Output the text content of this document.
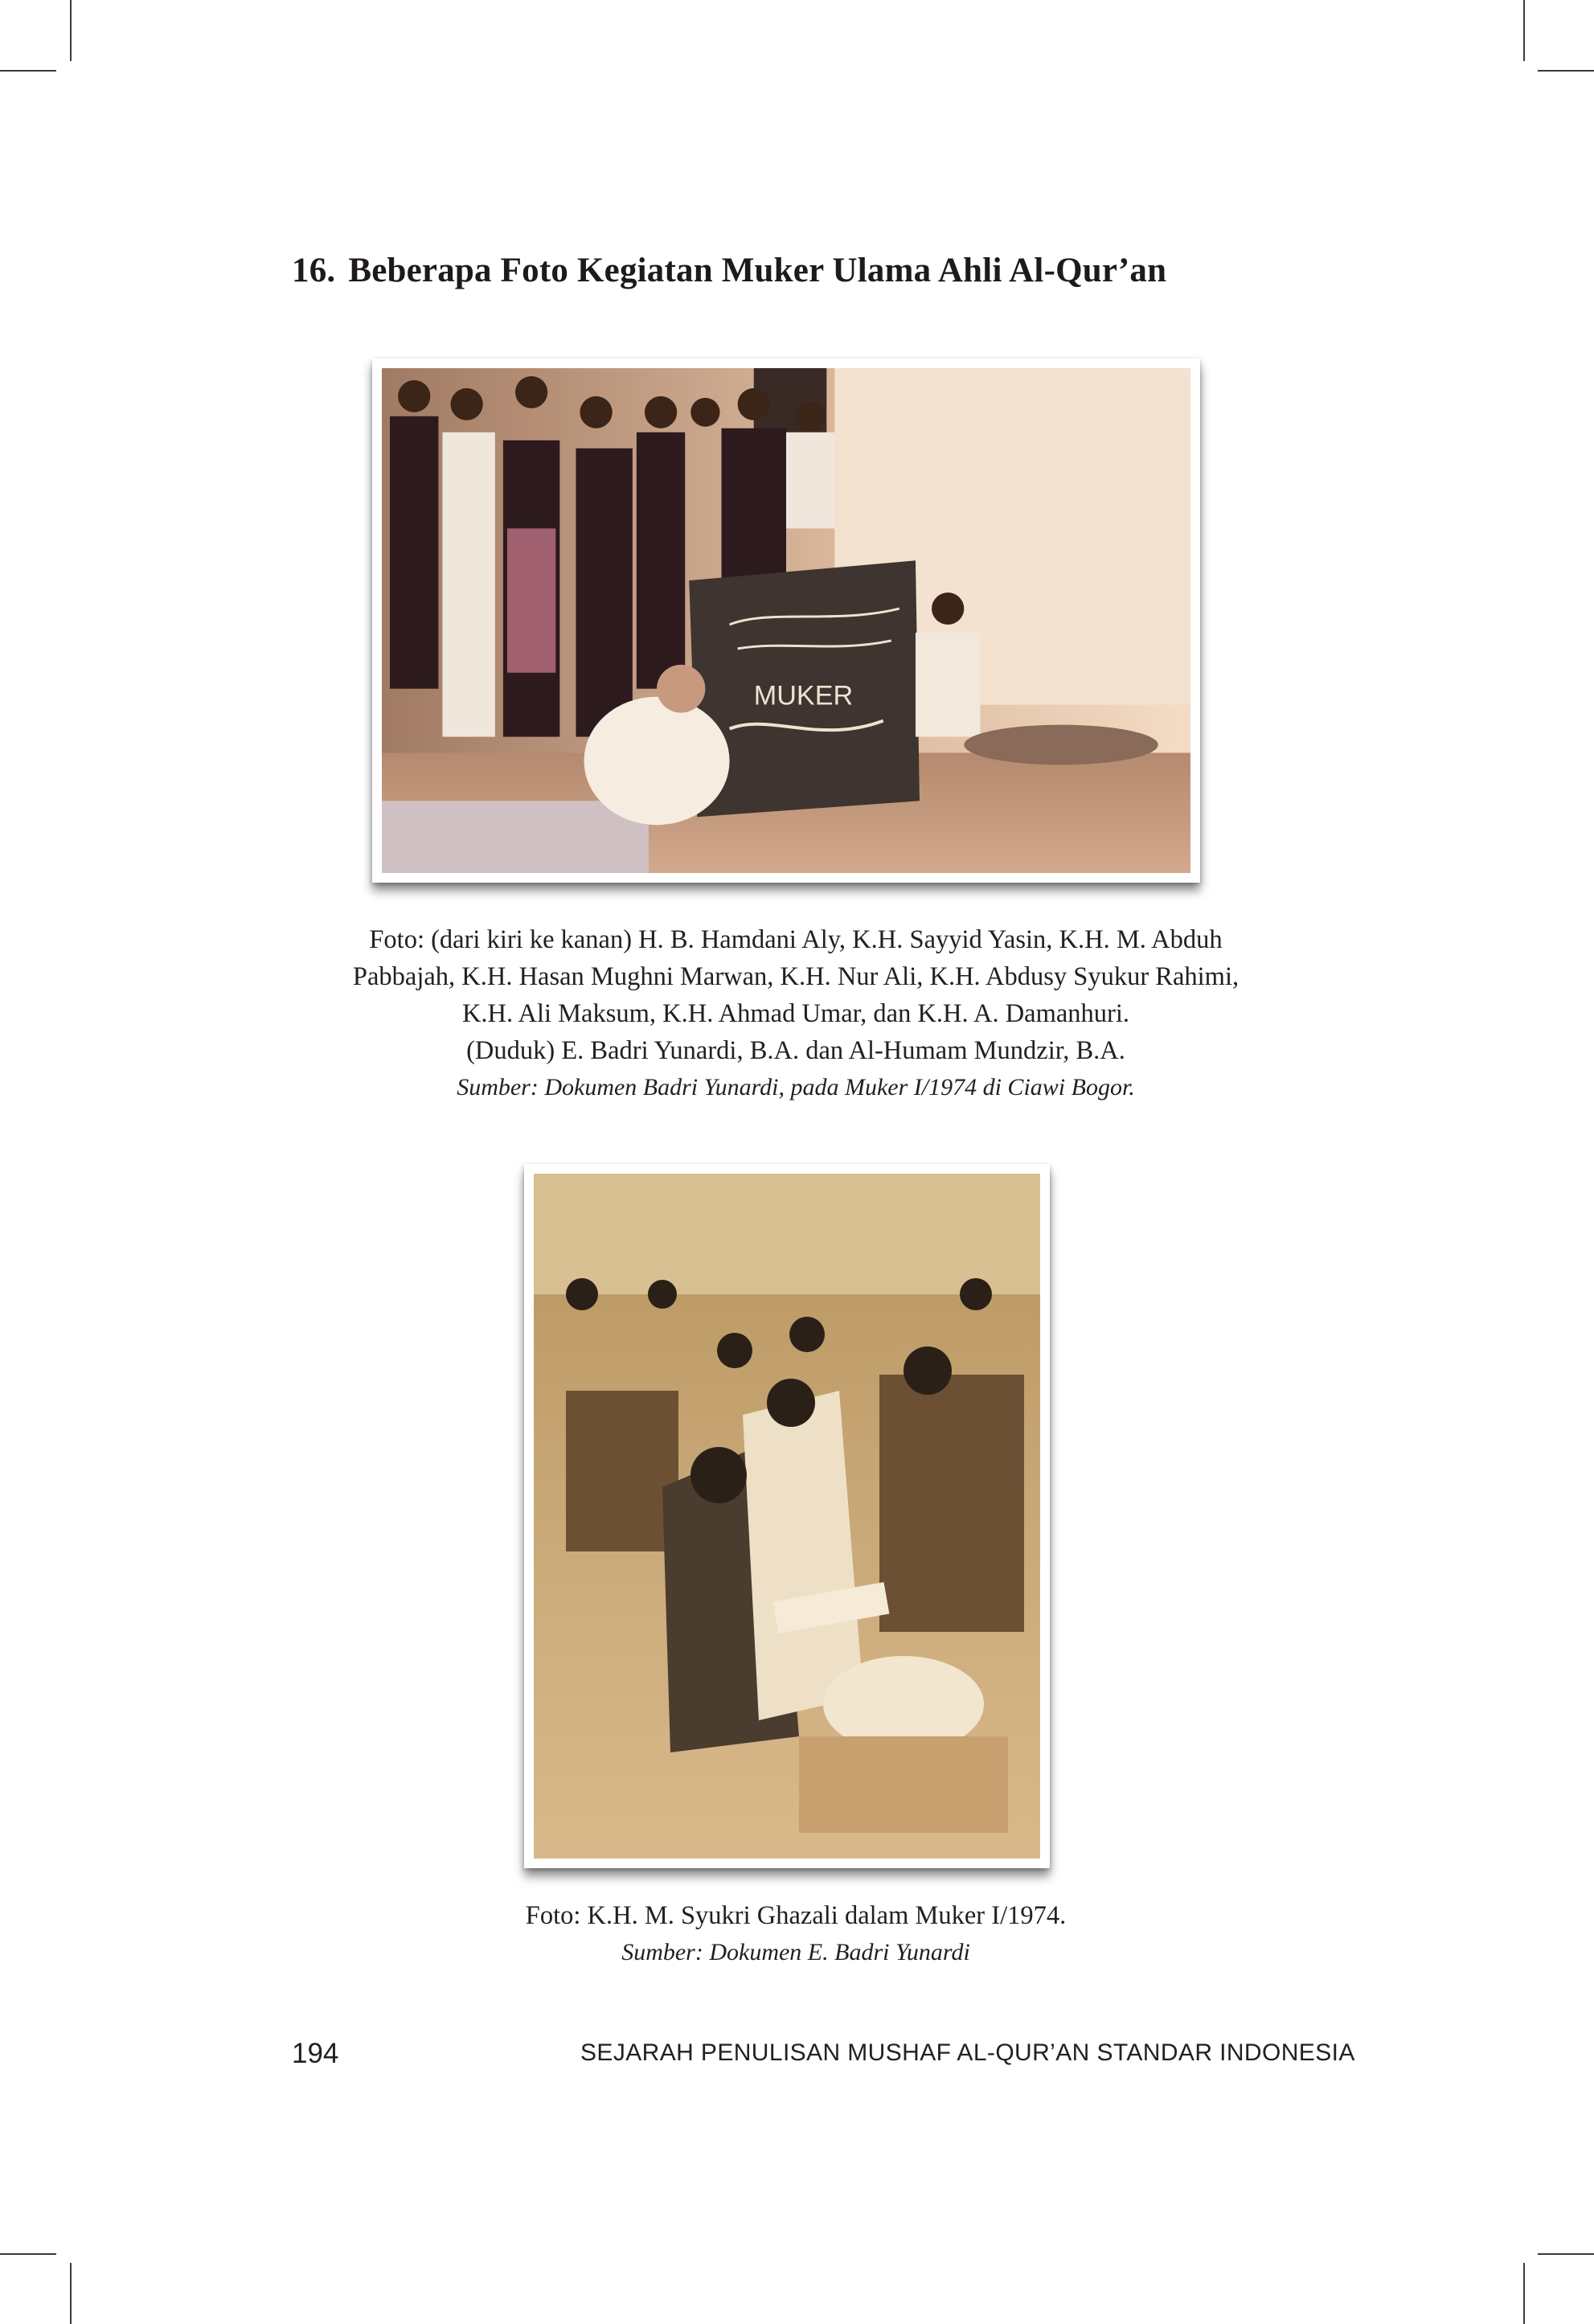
16. Beberapa Foto Kegiatan Muker Ulama Ahli Al-Qur’an
MUKER
Foto: (dari kiri ke kanan) H. B. Hamdani Aly, K.H. Sayyid Yasin, K.H. M. Abduh
Pabbajah, K.H. Hasan Mughni Marwan, K.H. Nur Ali, K.H. Abdusy Syukur Rahimi,
K.H. Ali Maksum, K.H. Ahmad Umar, dan K.H. A. Damanhuri.
(Duduk) E. Badri Yunardi, B.A. dan Al-Humam Mundzir, B.A.
Sumber: Dokumen Badri Yunardi, pada Muker I/1974 di Ciawi Bogor.
Foto: K.H. M. Syukri Ghazali dalam Muker I/1974.
Sumber: Dokumen E. Badri Yunardi
194	SEJARAH PENULISAN MUSHAF AL-QUR’AN STANDAR INDONESIA
